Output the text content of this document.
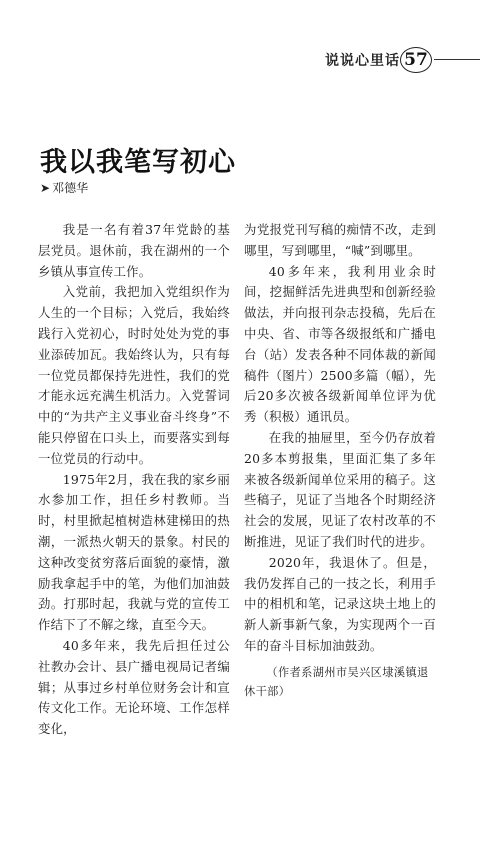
说说心里话 57
我以我笔写初心
➤ 邓德华

我是一名有着37年党龄的基层党员。退休前，我在湖州的一个乡镇从事宣传工作。

入党前，我把加入党组织作为人生的一个目标；入党后，我始终践行入党初心，时时处处为党的事业添砖加瓦。我始终认为，只有每一位党员都保持先进性，我们的党才能永远充满生机活力。入党誓词中的“为共产主义事业奋斗终身”不能只停留在口头上，而要落实到每一位党员的行动中。

1975年2月，我在我的家乡丽水参加工作，担任乡村教师。当时，村里掀起植树造林建梯田的热潮，一派热火朝天的景象。村民的这种改变贫穷落后面貌的豪情，激励我拿起手中的笔，为他们加油鼓劲。打那时起，我就与党的宣传工作结下了不解之缘，直至今天。

40多年来，我先后担任过公社教办会计、县广播电视局记者编辑；从事过乡村单位财务会计和宣传文化工作。无论环境、工作怎样变化，

为党报党刊写稿的痴情不改，走到哪里，写到哪里，“喊”到哪里。

40多年来，我利用业余时间，挖掘鲜活先进典型和创新经验做法，并向报刊杂志投稿，先后在中央、省、市等各级报纸和广播电台（站）发表各种不同体裁的新闻稿件（图片）2500多篇（幅），先后20多次被各级新闻单位评为优秀（积极）通讯员。

在我的抽屉里，至今仍存放着20多本剪报集，里面汇集了多年来被各级新闻单位采用的稿子。这些稿子，见证了当地各个时期经济社会的发展，见证了农村改革的不断推进，见证了我们时代的进步。

2020年，我退休了。但是，我仍发挥自己的一技之长，利用手中的相机和笔，记录这块土地上的新人新事新气象，为实现两个一百年的奋斗目标加油鼓劲。

（作者系湖州市吴兴区埭溪镇退休干部）
